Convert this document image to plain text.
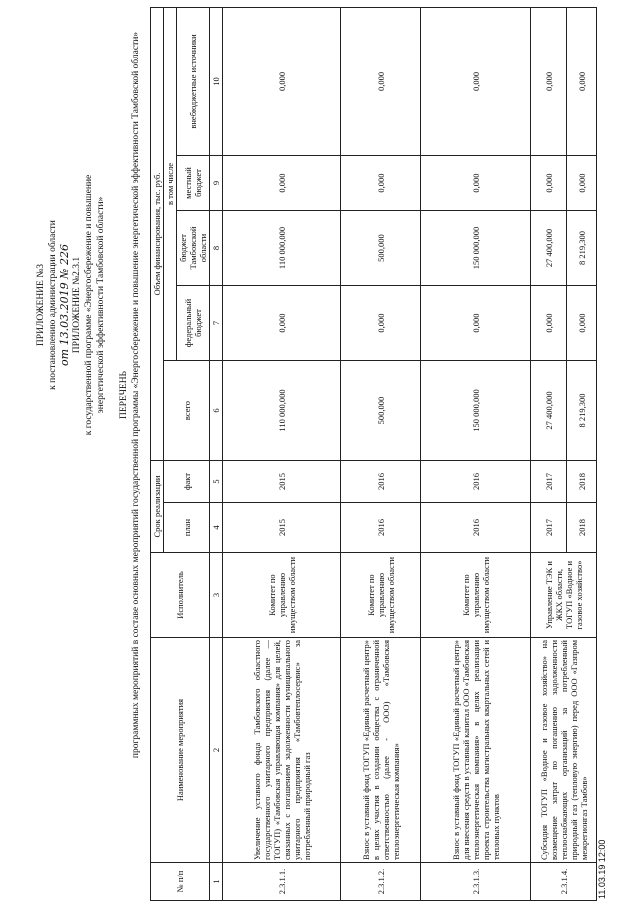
ПРИЛОЖЕНИЕ №3 к постановлению администрации области от 13.03.2019 № 226 ПРИЛОЖЕНИЕ №2.3.1 к государственной программе «Энергосбережение и повышение энергетической эффективности Тамбовской области» ПЕРЕЧЕНЬ программных мероприятий в составе основных мероприятий государственной программы «Энергосбережение и повышение энергетической эффективности Тамбовской области»
№ п/п	Наименование мероприятия	Исполнитель	Срок реализации		Объем финансирования, тыс. руб.				
			план	факт	всего	в том числе			
						федеральный бюджет	бюджет Тамбовской области	местный бюджет	внебюджетные источники
1	2	3	4	5	6	7	8	9	10
2.3.1.1.	Увеличение уставного фонда Тамбовского областного государственного унитарного предприятия (далее — ТОГУП) «Тамбовская управляющая компания» для целей, связанных с погашением задолженности муниципального унитарного предприятия «Тамбовтеплосервис» за потребленный природный газ	Комитет по управлению имуществом области	2015	2015	110 000,000	0,000	110 000,000	0,000	0,000
2.3.1.2.	Взнос в уставный фонд ТОГУП «Единый расчетный центр» в целях участия в создании общества с ограниченной ответственностью (далее - ООО) «Тамбовская теплоэнергетическая компания»	Комитет по управлению имуществом области	2016	2016	500,000	0,000	500,000	0,000	0,000
2.3.1.3.	Взнос в уставный фонд ТОГУП «Единый расчетный центр» для внесения средств в уставный капитал ООО «Тамбовская теплоэнергетическая компания» в целях реализации проекта строительства магистральных квартальных сетей и тепловых пунктов	Комитет по управлению имуществом области	2016	2016	150 000,000	0,000	150 000,000	0,000	0,000
2.3.1.4.	Субсидия ТОГУП «Водное и газовое хозяйство» на возмещение затрат по погашению задолженности теплоснабжающих организаций за потребленный природный газ (тепловую энергию) перед ООО «Газпром межрегионгаз Тамбов»	Управление ТЭК и ЖКХ области, ТОГУП «Водное и газовое хозяйство»	2017	2017	27 400,000	0,000	27 400,000	0,000	0,000
			2018	2018	8 219,300	0,000	8 219,300	0,000	0,000
11.03.19 12:00
